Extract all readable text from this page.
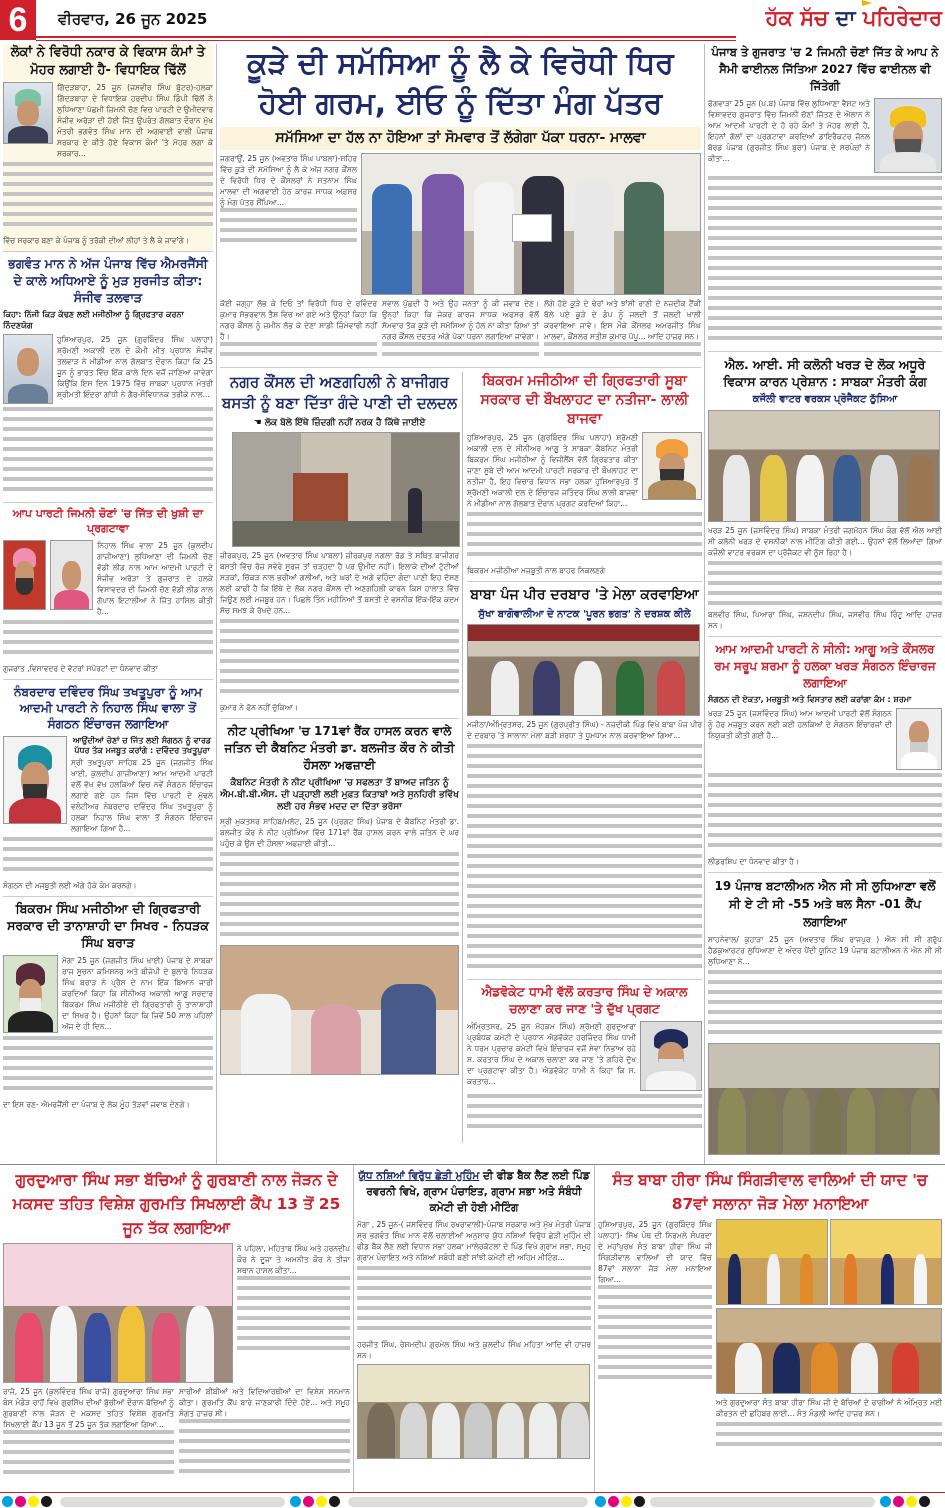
6	ਵੀਰਵਾਰ, 26 ਜੂਨ 2025	ਹੱਕ ਸੱਚ ਦਾ ਪਹਿਰੇਦਾਰ
ਲੋਕਾਂ ਨੇ ਵਿਰੋਧੀ ਨਕਾਰ ਕੇ ਵਿਕਾਸ ਕੰਮਾਂ ਤੇ ਮੋਹਰ ਲਗਾਈ ਹੈ- ਵਿਧਾਇਕ ਢਿੱਲੋਂ

ਗਿੱਦੜਬਾਹਾ, 25 ਜੂਨ (ਜਸਵੀਰ ਸਿੰਘ ਬੁੱਟਰ)-ਹਲਕਾ ਗਿੱਦੜਬਾਹਾ ਦੇ ਵਿਧਾਇਕ ਹਰਦੀਪ ਸਿੰਘ ਡਿੰਪੀ ਢਿੱਲੋਂ ਨੇ ਲੁਧਿਆਣਾ ਪੱਛਮੀ ਜ਼ਿਮਨੀ ਚੋਣ ਵਿਚ ਪਾਰਟੀ ਦੇ ਉਮੀਦਵਾਰ ਸੰਜੀਵ ਅਰੋੜਾ ਦੀ ਹੋਈ ਜਿੱਤ ਉਪਰੰਤ ਗੱਲਬਾਤ ਦੌਰਾਨ ਮੁੱਖ ਮੰਤਰੀ ਭਗਵੰਤ ਸਿੰਘ ਮਾਨ ਦੀ ਅਗਵਾਈ ਵਾਲੀ ਪੰਜਾਬ ਸਰਕਾਰ ਦੇ ਕੀਤੇ ਹੋਏ ਵਿਕਾਸ ਕੰਮਾਂ 'ਤੇ ਮੋਹਰ ਲਗਾ ਕੇ ਸਰਕਾਰ...

ਵਿੱਚ ਸਰਕਾਰ ਬਣਾ ਕੇ ਪੰਜਾਬ ਨੂੰ ਤਰੱਕੀ ਦੀਆਂ ਲੀਹਾਂ ਤੇ ਲੈ ਕੇ ਜਾਵਾਂਗੇ।

ਭਗਵੰਤ ਮਾਨ ਨੇ ਅੱਜ ਪੰਜਾਬ ਵਿੱਚ ਐਮਰਜੈਂਸੀ ਦੇ ਕਾਲੇ ਅਧਿਆਏ ਨੂੰ ਮੁੜ ਸੁਰਜੀਤ ਕੀਤਾ: ਸੰਜੀਵ ਤਲਵਾੜ
ਕਿਹਾ: ਨਿੱਜੀ ਕਿੜ ਕੱਢਣ ਲਈ ਮਜੀਠੀਆ ਨੂੰ ਗ੍ਰਿਫਤਾਰ ਕਰਨਾ ਨਿੰਦਣਯੋਗ

ਹੁਸ਼ਿਆਰਪੁਰ, 25 ਜੂਨ (ਗੁਰਬਿੰਦਰ ਸਿੰਘ ਪਲਾਹਾ) ਸ਼੍ਰੋਮਣੀ ਅਕਾਲੀ ਦਲ ਦੇ ਕੌਮੀ ਮੀਤ ਪ੍ਰਧਾਨ ਸੰਜੀਵ ਤਲਵਾੜ ਨੇ ਮੀਡੀਆ ਨਾਲ ਗੱਲਬਾਤ ਦੌਰਾਨ ਕਿਹਾ ਕਿ 25 ਜੂਨ ਨੂੰ ਭਾਰਤ ਵਿੱਚ ਇੱਕ ਕਾਲੇ ਦਿਨ ਵਜੋਂ ਜਾਣਿਆ ਜਾਵੇਗਾ ਕਿਉਂਕਿ ਇਸ ਦਿਨ 1975 ਵਿੱਚ ਸਾਬਕਾ ਪ੍ਰਧਾਨ ਮੰਤਰੀ ਸ਼੍ਰੀਮਤੀ ਇੰਦਰਾ ਗਾਂਧੀ ਨੇ ਗੈਰ-ਸੰਵਿਧਾਨਕ ਤਰੀਕੇ ਨਾਲ...

ਆਪ ਪਾਰਟੀ ਜਿਮਨੀ ਚੋਣਾਂ 'ਚ ਜਿੱਤ ਦੀ ਖੁਸ਼ੀ ਦਾ ਪ੍ਰਗਟਾਵਾ

ਨਿਹਾਲ ਸਿੰਘ ਵਾਲਾ 25 ਜੂਨ (ਕੁਲਦੀਪ ਗਾਜ਼ੀਆਣਾ) ਲੁਧਿਆਣਾ ਦੀ ਜਿਮਨੀ ਚੋਣ ਵੱਡੀ ਲੀਡ ਨਾਲ ਆਮ ਆਦਮੀ ਪਾਰਟੀ ਦੇ ਸੰਜੀਵ ਅਰੋੜਾ ਤੇ ਗੁਜਰਾਤ ਦੇ ਹਲਕੇ ਵਿਸਾਵਦਰ ਦੀ ਜਿਮਨੀ ਚੋਣ ਵੱਡੀ ਲੀਡ ਨਾਲ ਗੋਪਾਲ ਇਟਾਲੀਆ ਨੇ ਜਿੱਤ ਹਾਸਿਲ ਕੀਤੀ ਹੈ...

ਗੁਜਰਾਤ ,ਵਿਸਾਵਦਰ ਦੇ ਵੋਟਰਾਂ ਸਪੋਰਟਾਂ ਦਾ ਧੰਨਵਾਦ ਕੀਤਾ

ਨੰਬਰਦਾਰ ਦਵਿੰਦਰ ਸਿੰਘ ਤਖਤੂਪੁਰਾ ਨੂੰ ਆਮ ਆਦਮੀ ਪਾਰਟੀ ਨੇ ਨਿਹਾਲ ਸਿੰਘ ਵਾਲਾ ਤੋਂ ਸੰਗਠਨ ਇੰਚਾਰਜ ਲਗਾਇਆ
ਆਉਂਦੀਆਂ ਚੋਣਾਂ ਚ ਜਿੱਤ ਲਈ ਸੰਗਠਨ ਨੂੰ ਵਾਰਡ ਪੱਧਰ ਤੱਕ ਮਜਬੂਤ ਕਰਾਂਗੇ : ਦਵਿੰਦਰ ਤਖਤੂਪੁਰਾ

ਸ੍ਰੀ ਤਖਤੂਪੁਰਾ ਸਾਹਿਬ 25 ਜੂਨ (ਜਗਜੀਤ ਸਿੰਘ ਖਾਈ, ਕੁਲਦੀਪ ਗਾਜ਼ੀਆਣਾ) ਆਮ ਆਦਮੀ ਪਾਰਟੀ ਵਲੋਂ ਵੱਖ ਵੱਖ ਹਲਕਿਆਂ ਵਿਚ ਨਵੇਂ ਸੰਗਠਨ ਇੰਚਾਰਜ ਲਗਾਏ ਗਏ ਹਨ ਜਿਸ ਵਿੱਚ ਪਾਰਟੀ ਦੇ ਮੁੱਢਲੇ ਵਲੰਟੀਅਰ ਨੰਬਰਦਾਰ ਦਵਿੰਦਰ ਸਿੰਘ ਤਖਤੂਪੁਰਾ ਨੂੰ ਹਲਕਾ ਨਿਹਾਲ ਸਿੰਘ ਵਾਲਾ ਤੋਂ ਸੰਗਠਨ ਇੰਚਾਰਜ ਲਗਾਇਆ ਗਿਆ ਹੈ...

ਸੰਗਠਨ ਦੀ ਮਜਬੂਤੀ ਲਈ ਅੱਗੇ ਹੋਕੇ ਕੰਮ ਕਰਨਗੇ।

ਬਿਕਰਮ ਸਿੰਘ ਮਜੀਠੀਆ ਦੀ ਗ੍ਰਿਫਤਾਰੀ ਸਰਕਾਰ ਦੀ ਤਾਨਾਸ਼ਾਹੀ ਦਾ ਸਿਖਰ - ਨਿਧੜਕ ਸਿੰਘ ਬਰਾੜ

ਮੋਗਾ 25 ਜੂਨ (ਜਗਜੀਤ ਸਿੰਘ ਖਾਈ) ਪੰਜਾਬ ਦੇ ਸਾਬਕਾ ਰਾਜ ਸੂਚਨਾ ਕਮਿਸ਼ਨਰ ਅਤੇ ਬੀਜੇਪੀ ਦੇ ਬੁਲਾਰੇ ਨਿਧੜਕ ਸਿੰਘ ਬਰਾੜ ਨੇ ਪ੍ਰੈਸ ਦੇ ਨਾਮ ਇੱਕ ਬਿਆਨ ਜਾਰੀ ਕਰਦਿਆਂ ਕਿਹਾ ਕਿ ਸੀਨੀਅਰ ਅਕਾਲੀ ਆਗੂ ਸਰਦਾਰ ਬਿਕਰਮ ਸਿੰਘ ਮਜੀਠੀਏ ਦੀ ਗ੍ਰਿਫਤਾਰੀ ਨੂੰ ਤਾਨਾਸ਼ਾਹੀ ਦਾ ਸਿਖਰ ਹੈ। ਉਹਨਾਂ ਕਿਹਾ ਕਿ ਜਿਵੇਂ 50 ਸਾਲ ਪਹਿਲਾਂ ਅੱਜ ਦੇ ਹੀ ਦਿਨ...

ਦਾ ਇਸ ਰਣ- ਐਮਰਜੈਂਸੀ ਦਾ ਪੰਜਾਬ ਦੇ ਲੋਕ ਮੂੰਹ ਤੋੜਵਾਂ ਜਵਾਬ ਦੇਣਗੇ।

ਕੂੜੇ ਦੀ ਸਮੱਸਿਆ ਨੂੰ ਲੈ ਕੇ ਵਿਰੋਧੀ ਧਿਰ ਹੋਈ ਗਰਮ, ਈਓ ਨੂੰ ਦਿੱਤਾ ਮੰਗ ਪੱਤਰ
ਸਮੱਸਿਆ ਦਾ ਹੱਲ ਨਾ ਹੋਇਆ ਤਾਂ ਸੋਮਵਾਰ ਤੋਂ ਲੱਗੇਗਾ ਪੱਕਾ ਧਰਨਾ- ਮਾਲਵਾ

ਜਗਰਾਉਂ, 25 ਜੂਨ (ਅਵਤਾਰ ਸਿੰਘ ਪਾਬਲਾ)-ਸ਼ਹਿਰ ਵਿੱਚ ਕੂੜੇ ਦੀ ਸਮੱਸਿਆ ਨੂੰ ਲੈ ਕੇ ਅੱਜ ਨਗਰ ਕੌਂਸਲ ਦੇ ਵਿਰੋਧੀ ਧਿਰ ਦੇ ਕੌਂਸਲਰਾਂ ਨੇ ਸਤਨਾਮ ਸਿੰਘ ਮਾਲਵਾ ਦੀ ਅਗਵਾਈ ਹੇਠ ਕਾਰਜ ਸਾਧਕ ਅਫ਼ਸਰ ਨੂੰ ਮੰਗ ਪੱਤਰ ਸੌਂਪਿਆ...

ਕੋਈ ਜਗ੍ਹਾ ਲੱਭ ਕੇ ਦਿਓ ਤਾਂ ਵਿਰੋਧੀ ਧਿਰ ਦੇ ਰਵਿੰਦਰ ਕੁਮਾਰ ਸੱਭਰਵਾਲ ਤੈਸ਼ ਵਿਚ ਆ ਗਏ ਅਤੇ ਉਨ੍ਹਾਂ ਕਿਹਾ ਕਿ ਨਗਰ ਕੌਂਸਲ ਨੂੰ ਜ਼ਮੀਨ ਲੱਭ ਕੇ ਦੇਣਾ ਸਾਡੀ ਜ਼ਿੰਮੇਵਾਰੀ ਨਹੀਂ ਹੈ।

ਸਵਾਲ ਪੁੱਛਦੀ ਹੈ ਅਤੇ ਉਹ ਜਨਤਾ ਨੂੰ ਕੀ ਜਵਾਬ ਦੇਣ। ਉਨ੍ਹਾਂ ਕਿਹਾ ਕਿ ਜੇਕਰ ਕਾਰਜ ਸਾਧਕ ਅਫਸਰ ਵੱਲੋਂ ਸੋਮਵਾਰ ਤੱਕ ਕੂੜੇ ਦੀ ਸਮੱਸਿਆ ਨੂੰ ਹੱਲ ਨਾ ਕੀਤਾ ਗਿਆ ਤਾਂ ਨਗਰ ਕੌਂਸਲ ਦਫਤਰ ਅੱਗੇ ਪੱਕਾ ਧਰਨਾ ਲਗਾਇਆ ਜਾਵੇਗਾ।

ਲੱਗੇ ਹੋਏ ਕੂੜੇ ਦੇ ਢੇਰਾਂ ਅਤੇ ਝਾਂਸੀ ਰਾਣੀ ਦੇ ਨਜ਼ਦੀਕ ਟੈਂਕੀ ਥੱਲੇ ਪਏ ਕੂੜੇ ਦੇ ਡੰਪ ਨੂੰ ਜਲਦੀ ਤੋਂ ਜਲਦੀ ਖਾਲੀ ਕਰਵਾਇਆ ਜਾਵੇ। ਇਸ ਮੌਕੇ ਕੌਂਸਲਰ ਅਮਰਜੀਤ ਸਿੰਘ ਮਾਲਵਾ, ਕੌਂਸਲਰ ਸਤੀਸ਼ ਕੁਮਾਰ ਪੱਪੂ... ਆਦਿ ਹਾਜ਼ਰ ਸਨ।

ਨਗਰ ਕੌਂਸਲ ਦੀ ਅਣਗਹਿਲੀ ਨੇ ਬਾਜੀਗਰ ਬਸਤੀ ਨੂੰ ਬਣਾ ਦਿੱਤਾ ਗੰਦੇ ਪਾਣੀ ਦੀ ਦਲਦਲ
☚ ਲੋਕ ਬੋਲੇ ਇੱਥੇ ਜ਼ਿੰਦਗੀ ਨਹੀਂ ਨਰਕ ਹੈ ਕਿੱਥੇ ਜਾਈਏ

ਜ਼ੀਰਕਪੁਰ, 25 ਜੂਨ (ਅਵਤਾਰ ਸਿੰਘ ਪਾਬਲਾ) ਜ਼ੀਰਕਪੁਰ ਨਗਲਾ ਰੋਡ ਤੇ ਸਥਿਤ ਬਾਜੀਗਰ ਬਸਤੀ ਵਿੱਚ ਰੋਜ਼ ਸਵੇਰੇ ਸੂਰਜ ਤਾਂ ਚੜ੍ਹਦਾ ਹੈ ਪਰ ਉਮੀਦ ਨਹੀਂ। ਇਲਾਕੇ ਦੀਆਂ ਟੁੱਟੀਆਂ ਸੜਕਾਂ, ਚਿੱਕੜ ਨਾਲ ਭਰੀਆਂ ਗਲੀਆਂ, ਅਤੇ ਘਰਾਂ ਦੇ ਅਗੇ ਵਹਿੰਦਾ ਗੰਦਾ ਪਾਣੀ ਇਹ ਦੱਸਣ ਲਈ ਕਾਫੀ ਹੈ ਕਿ ਇੱਥੇ ਦੇ ਲੋਕ ਨਗਰ ਕੌਂਸਲ ਦੀ ਅਣਗਹਿਲੀ ਕਾਰਨ ਕਿਸ ਹਾਲਾਤ ਵਿੱਚ ਜਿਊਣ ਲਈ ਮਜਬੂਰ ਹਨ। ਪਿਛਲੇ ਤਿੰਨ ਮਹੀਨਿਆਂ ਤੋਂ ਬਸਤੀ ਦੇ ਵਸਨੀਕ ਇੱਕ-ਇੱਕ ਕਦਮ ਸੋਚ ਸਮਝ ਕੇ ਰੱਖਦੇ ਹਨ...

ਕੁਮਾਰ ਨੇ ਫੋਨ ਨਹੀਂ ਚੁੱਕਿਆ।

ਨੀਟ ਪ੍ਰੀਖਿਆ 'ਚ 171ਵਾਂ ਰੈਂਕ ਹਾਸਲ ਕਰਨ ਵਾਲੇ ਜਤਿਨ ਦੀ ਕੈਬਨਿਟ ਮੰਤਰੀ ਡਾ. ਬਲਜੀਤ ਕੌਰ ਨੇ ਕੀਤੀ ਹੌਸਲਾ ਅਫਜ਼ਾਈ
ਕੈਬਨਿਟ ਮੰਤਰੀ ਨੇ ਨੀਟ ਪ੍ਰੀਖਿਆ 'ਚ ਸਫਲਤਾ ਤੋਂ ਬਾਅਦ ਜਤਿਨ ਨੂੰ ਐਮ.ਬੀ.ਬੀ.ਐਸ. ਦੀ ਪੜ੍ਹਾਈ ਲਈ ਮੁਫ਼ਤ ਕਿਤਾਬਾਂ ਅਤੇ ਸੁਨਹਿਰੀ ਭਵਿੱਖ ਲਈ ਹਰ ਸੰਭਵ ਮਦਦ ਦਾ ਦਿੱਤਾ ਭਰੋਸਾ

ਸ੍ਰੀ ਮੁਕਤਸਰ ਸਾਹਿਬ/ਮਲੋਟ, 25 ਜੂਨ (ਪ੍ਰਗਟ ਸਿੰਘ) ਪੰਜਾਬ ਦੇ ਕੈਬਨਿਟ ਮੰਤਰੀ ਡਾ. ਬਲਜੀਤ ਕੌਰ ਨੇ ਨੀਟ ਪ੍ਰੀਖਿਆ ਵਿੱਚ 171ਵਾਂ ਰੈਂਕ ਹਾਸਲ ਕਰਨ ਵਾਲੇ ਜਤਿਨ ਦੇ ਘਰ ਪਹੁੰਚ ਕੇ ਉਸ ਦੀ ਹੌਸਲਾ ਅਫਜ਼ਾਈ ਕੀਤੀ...

ਬਿਕਰਮ ਮਜੀਠੀਆ ਦੀ ਗ੍ਰਿਫਤਾਰੀ ਸੂਬਾ ਸਰਕਾਰ ਦੀ ਬੌਖਲਾਹਟ ਦਾ ਨਤੀਜਾ- ਲਾਲੀ ਬਾਜਵਾ

ਹੁਸ਼ਿਆਰਪੁਰ, 25 ਜੂਨ (ਗੁਰਬਿੰਦਰ ਸਿੰਘ ਪਲਾਹਾ) ਸ਼੍ਰੋਮਣੀ ਅਕਾਲੀ ਦਲ ਦੇ ਸੀਨੀਅਰ ਆਗੂ ਤੇ ਸਾਬਕਾ ਕੈਬਨਿਟ ਮੰਤਰੀ ਬਿਕਰਮ ਸਿੰਘ ਮਜੀਠੀਆ ਨੂੰ ਵਿਜੀਲੈਂਸ ਵੱਲੋਂ ਗ੍ਰਿਫਤਾਰ ਕੀਤਾ ਜਾਣਾ ਸੂਬੇ ਦੀ ਆਮ ਆਦਮੀ ਪਾਰਟੀ ਸਰਕਾਰ ਦੀ ਬੌਖਲਾਹਟ ਦਾ ਨਤੀਜਾ ਹੈ, ਇਹ ਵਿਚਾਰ ਵਿਧਾਨ ਸਭਾ ਹਲਕਾ ਹੁਸ਼ਿਆਰਪੁਰ ਤੋਂ ਸ਼੍ਰੋਮਣੀ ਅਕਾਲੀ ਦਲ ਦੇ ਇੰਚਾਰਜ ਜਤਿੰਦਰ ਸਿੰਘ ਲਾਲੀ ਬਾਜਵਾ ਨੇ ਮੀਡੀਆ ਨਾਲ ਗੱਲਬਾਤ ਦੌਰਾਨ ਪ੍ਰਗਟ ਕਰਦਿਆਂ ਕਿਹਾ...

ਬਿਕਰਮ ਮਜੀਠੀਆ ਮਜ਼ਬੂਤੀ ਨਾਲ ਬਾਹਰ ਨਿਕਲਣਗੇ

ਬਾਬਾ ਪੰਜ ਪੀਰ ਦਰਬਾਰ 'ਤੇ ਮੇਲਾ ਕਰਵਾਇਆ
ਸੁੱਖਾ ਬਾਗੋਵਾਲੀਆ ਦੇ ਨਾਟਕ 'ਪੂਰਨ ਭਗਤ' ਨੇ ਦਰਸ਼ਕ ਕੀਲੇ

ਮਜੀਠਾ/ਅੰਮ੍ਰਿਤਸਰ, 25 ਜੂਨ (ਗੁਰਪ੍ਰੀਤ ਸਿੰਘ) - ਨਜ਼ਦੀਕੀ ਪਿੰਡ ਵਿਖੇ ਬਾਬਾ ਪੰਜ ਪੀਰ ਦੇ ਦਰਬਾਰ 'ਤੇ ਸਾਲਾਨਾ ਮੇਲਾ ਬੜੀ ਸ਼ਰਧਾ ਤੇ ਧੂਮਧਾਮ ਨਾਲ ਕਰਵਾਇਆ ਗਿਆ...

ਐਡਵੋਕੇਟ ਧਾਮੀ ਵੱਲੋਂ ਕਰਤਾਰ ਸਿੰਘ ਦੇ ਅਕਾਲ ਚਲਾਣਾ ਕਰ ਜਾਣ 'ਤੇ ਦੁੱਖ ਪ੍ਰਗਟ

ਅੰਮ੍ਰਿਤਸਰ, 25 ਜੂਨ ਮੋਹਕਮ ਸਿੰਘ) ਸ਼੍ਰੋਮਣੀ ਗੁਰਦੁਆਰਾ ਪ੍ਰਬੰਧਕ ਕਮੇਟੀ ਦੇ ਪ੍ਰਧਾਨ ਐਡਵੋਕੇਟ ਹਰਜਿੰਦਰ ਸਿੰਘ ਧਾਮੀ ਨੇ ਧਰਮ ਪ੍ਰਚਾਰ ਕਮੇਟੀ ਵਿਖੇ ਇੰਚਾਰਜ ਵਜੋਂ ਸੇਵਾ ਨਿਭਾਅ ਰਹੇ ਸ. ਕਰਤਾਰ ਸਿੰਘ ਦੇ ਅਕਾਲ ਚਲਾਣਾ ਕਰ ਜਾਣ 'ਤੇ ਗਹਿਰੇ ਦੁੱਖ ਦਾ ਪ੍ਰਗਟਾਵਾ ਕੀਤਾ ਹੈ। ਐਡਵੋਕੇਟ ਧਾਮੀ ਨੇ ਕਿਹਾ ਕਿ ਸ. ਕਰਤਾਰ...

ਪੰਜਾਬ ਤੇ ਗੁਜਰਾਤ 'ਚ 2 ਜਿਮਨੀ ਚੋਣਾਂ ਜਿੱਤ ਕੇ ਆਪ ਨੇ ਸੈਮੀ ਫਾਈਨਲ ਜਿੱਤਿਆ 2027 ਵਿੱਚ ਫਾਈਨਲ ਵੀ ਜਿੱਤੇਗੀ

ਫੱਗਵਾੜਾ 25 ਜੂਨ (ਪ.ਬ) ਪੰਜਾਬ ਵਿੱਚ ਲੁਧਿਆਣਾ ਵੈਸਟ ਅਤੇ ਵਿਸਾਵਦਰ ਗੁਜਰਾਤ ਵਿੱਚ ਜਿਮਨੀ ਚੋਣਾਂ ਜਿੱਤਣ ਦੇ ਐਲਾਨ ਨੇ ਆਮ ਆਦਮੀ ਪਾਰਟੀ ਦੇ ਹੋ ਰਹੇ ਕੰਮਾਂ ਤੇ ਮੋਹਰ ਲਾਈ ਹੈ, ਇਹਨਾਂ ਗੱਲਾਂ ਦਾ ਪ੍ਰਗਟਾਵਾ ਕਰਦਿਆਂ ਡਾਇਰੈਕਟਰ ਜ਼ੋਨਲ ਬੋਰਡ ਪੰਜਾਬ (ਗੁਰਜੀਤ ਸਿੰਘ ਬੁਰਾ) ਪੰਜਾਬ ਦੇ ਸਰਪੰਚਾਂ ਨੇ ਕੀਤਾ...

ਐਲ. ਆਈ. ਸੀ ਕਲੋਨੀ ਖਰੜ ਦੇ ਲੋਕ ਅਧੂਰੇ ਵਿਕਾਸ ਕਾਰਨ ਪ੍ਰੇਸ਼ਾਨ : ਸਾਬਕਾ ਮੰਤਰੀ ਕੰਗ
ਕਜੌਲੀ ਵਾਟਰ ਵਰਕਸ ਪ੍ਰੋਜੈਕਟ ਠੁੱਸਿਆ

ਖਰੜ 25 ਜੂਨ (ਜਸਵਿੰਦਰ ਸਿੰਘ) ਸਾਬਕਾ ਮੰਤਰੀ ਜਗਮੋਹਨ ਸਿੰਘ ਕੰਗ ਵੱਲੋਂ ਐਲ ਆਈ ਸੀ ਕਲੋਨੀ ਖਰੜ ਦੇ ਵਸਨੀਕਾਂ ਨਾਲ ਮੀਟਿੰਗ ਕੀਤੀ ਗਈ... ਉਹਨਾਂ ਵੱਲੋਂ ਲਿਆਂਦਾ ਗਿਆ ਕਜੌਲੀ ਵਾਟਰ ਵਰਕਸ ਦਾ ਪ੍ਰੋਜੈਕਟ ਵੀ ਠੁੱਸ ਰਿਹਾ ਹੈ।

ਬਲਵੀਰ ਸਿੰਘ, ਪਿਆਰਾ ਸਿੰਘ, ਜਸ਼ਨਦੀਪ ਸਿੰਘ, ਜਸਵੀਰ ਸਿੰਘ ਰਿੰਟੂ ਆਦਿ ਹਾਜ਼ਰ ਸਨ।

ਆਮ ਆਦਮੀ ਪਾਰਟੀ ਨੇ ਸੀਨੀ: ਆਗੂ ਅਤੇ ਕੌਂਸਲਰ ਰਮ ਸਰੂਪ ਸ਼ਰਮਾ ਨੂੰ ਹਲਕਾ ਖਰੜ ਸੰਗਠਨ ਇੰਚਾਰਜ ਲਗਾਇਆ
ਸੰਗਠਨ ਦੀ ਏਕਤਾ, ਮਜ਼ਬੂਤੀ ਅਤੇ ਵਿਸਤਾਰ ਲਈ ਕਰਾਂਗਾ ਕੰਮ : ਸ਼ਰਮਾ

ਖਰੜ 25 ਜੂਨ (ਜਸਵਿੰਦਰ ਸਿੰਘ) ਆਮ ਆਦਮੀ ਪਾਰਟੀ ਵੱਲੋਂ ਸੰਗਠਨ ਨੂੰ ਹੋਰ ਮਜ਼ਬੂਤ ਕਰਨ ਲਈ ਕਈ ਹਲਕਿਆਂ ਦੇ ਸੰਗਠਨ ਇੰਚਾਰਜਾਂ ਦੀ ਨਿਯੁਕਤੀ ਕੀਤੀ ਗਈ ਹੈ...

ਲੀਡਰਸ਼ਿਪ ਦਾ ਧੰਨਵਾਦ ਕੀਤਾ ਹੈ।

19 ਪੰਜਾਬ ਬਟਾਲੀਅਨ ਐਨ ਸੀ ਸੀ ਲੁਧਿਆਣਾ ਵਲੋਂ ਸੀ ਏ ਟੀ ਸੀ -55 ਅਤੇ ਥਲ ਸੈਨਾ -01 ਕੈਂਪ ਲਗਾਇਆ

ਸਾਹਨੇਵਾਲ/ ਕੁਹਾੜਾ 25 ਜੂਨ (ਅਵਤਾਰ ਸਿੰਘ ਰਾਜਪੁਰ ) ਐਨ ਸੀ ਸੀ ਗਰੁੱਪ ਹੈਡਕੁਆਰਟਰ ਲੁਧਿਆਣਾ ਦੇ ਅੰਦਰ ਪੈਂਦੀ ਯੂਨਿਟ 19 ਪੰਜਾਬ ਬਟਾਲੀਅਨ ਨੇ ਐਨ ਸੀ ਸੀ ਲੁਧਿਆਣਾ ਨੇ...

ਗੁਰਦੁਆਰਾ ਸਿੰਘ ਸਭਾ ਬੱਚਿਆਂ ਨੂੰ ਗੁਰਬਾਣੀ ਨਾਲ ਜੋੜਨ ਦੇ ਮਕਸਦ ਤਹਿਤ ਵਿਸ਼ੇਸ਼ ਗੁਰਮਤਿ ਸਿਖਲਾਈ ਕੈਂਪ 13 ਤੋਂ 25 ਜੂਨ ਤੱਕ ਲਗਾਇਆ

ਨੇ ਪਹਿਲਾ, ਮਹਿਤਾਬ ਸਿੰਘ ਅਤੇ ਹਰਨਦੀਪ ਕੌਰ ਨੇ ਦੂਜਾ ਤੇ ਅਮਨੀਤ ਕੌਰ ਨੇ ਤੀਜਾ ਸਥਾਨ ਹਾਸਲ ਕੀਤਾ...

ਰਾਜੋ, 25 ਜੂਨ (ਕੁਲਵਿੰਦਰ ਸਿੰਘ ਰਾਜੋ) ਗੁਰਦੁਆਰਾ ਸਿੰਘ ਸਭਾ ਬੰਸ ਮੰਡੌੜ ਰਾਹੋਂ ਵਿਖੇ ਗੁਰਸਿੱਖ ਦੀਆਂ ਬੁੱਚੀਆਂ ਦੌਰਾਨ ਬੱਚਿਆਂ ਨੂੰ ਗੁਰਬਾਣੀ ਨਾਲ ਜੋੜਨ ਦੇ ਮਕਸਦ ਤਹਿਤ ਵਿਸ਼ੇਸ਼ ਗੁਰਮਤਿ ਸਿਖਲਾਈ ਕੈਂਪ 13 ਜੂਨ ਤੋਂ 25 ਜੂਨ ਤੱਕ ਲਗਾਇਆ ਗਿਆ...

ਸਾਰੀਆਂ ਬੀਬੀਆਂ ਅਤੇ ਵਿਦਿਆਰਥੀਆਂ ਦਾ ਵਿਸ਼ੇਸ਼ ਸਨਮਾਨ ਕੀਤਾ। ਗੁਰਮਤਿ ਕੈਂਪ ਬਾਰੇ ਜਾਣਕਾਰੀ ਦਿੰਦੇ ਹੋਏ... ਅਤੇ ਸਮੂਹ ਸੰਗਤ ਹਾਜ਼ਰ ਸੀ।

ਯੁੱਧ ਨਸ਼ਿਆਂ ਵਿਰੁੱਧ ਛੇੜੀ ਮੁਹਿੰਮ ਦੀ ਫੀਡ ਬੈਕ ਲੈਣ ਲਈ ਪਿੰਡ ਰਵਰਨੀ ਵਿਖੇ, ਗ੍ਰਾਮ ਪੰਚਾਇਤ, ਗ੍ਰਾਮ ਸਭਾ ਅਤੇ ਸੰਬੰਧੀ ਕਮੇਟੀ ਦੀ ਹੋਈ ਮੀਟਿੰਗ

ਮੋਗਾ , 25 ਜੂਨ-( ਜਸਵਿੰਦਰ ਸਿੰਘ ਰਖਰਾਵਾਲੀ)-ਪੰਜਾਬ ਸਰਕਾਰ ਅਤੇ ਮੁੱਖ ਮੰਤਰੀ ਪੰਜਾਬ ਸ੍ਰ ਭਗਵੰਤ ਸਿੰਘ ਮਾਨ ਵੱਲੋਂ ਚਲਾਈਆਂ ਅਨੁਸਾਰ ਯੁੱਧ ਨਸ਼ਿਆਂ ਵਿਰੁੱਧ ਛੇੜੀ ਮੁਹਿੰਮ ਦੀ ਫੀਡ ਬੈਕ ਲੈਣ ਲਈ ਵਿਧਾਨ ਸਭਾ ਹਲਕਾ ਮਾਲੇਰਕੋਟਲਾ ਦੇ ਪਿੰਡ ਵਿਖੇ ਗ੍ਰਾਮ ਸਭਾ, ਸਮੂਹ ਗ੍ਰਾਮ ਪੰਚਾਇਤ ਅਤੇ ਨਸ਼ਿਆਂ ਸਬੰਧੀ ਬਣੀ ਸਾਂਝੀ ਕਮੇਟੀ ਦੀ ਅਹਿਮ ਮੀਟਿੰਗ...

ਹਰਜੀਤ ਸਿੰਘ, ਰੇਸ਼ਮਦੀਪ ਗੁਰਮੇਲ ਸਿੰਘ ਅਤੇ ਕੁਲਦੀਪ ਸਿੰਘ ਮਹਿਤਾ ਆਦਿ ਵੀ ਹਾਜ਼ਰ ਸਨ।

ਸੰਤ ਬਾਬਾ ਹੀਰਾ ਸਿੰਘ ਸਿੰਗੜੀਵਾਲ ਵਾਲਿਆਂ ਦੀ ਯਾਦ 'ਚ 87ਵਾਂ ਸਲਾਨਾ ਜੋੜ ਮੇਲਾ ਮਨਾਇਆ

ਹੁਸ਼ਿਆਰਪੁਰ, 25 ਜੂਨ (ਗੁਰਬਿੰਦਰ ਸਿੰਘ ਪਲਾਹਾ)- ਸਿੱਖ ਪੰਥ ਦੀ ਨਿਰਮਲੇ ਸੰਪਰਦਾ ਦੇ ਮਹਾਂਪੁਰਖ ਸੰਤ ਬਾਬਾ ਹੀਰਾ ਸਿੰਘ ਜੀ ਸਿੰਗੜੀਵਾਲ ਵਾਲਿਆਂ ਦੀ ਯਾਦ ਵਿੱਚ 87ਵਾਂ ਸਲਾਨਾ ਜੋੜ ਮੇਲਾ ਮਨਾਇਆ ਗਿਆ...

ਅਤੇ ਗੁਰਦੁਆਰਾ ਸੰਤ ਬਾਬਾ ਹੀਰਾ ਸਿੰਘ ਜੀ ਦੇ ਬੱਚਿਆਂ ਦੇ ਰਾਗੀਆਂ ਨੇ ਅੰਮ੍ਰਿਤ ਮਈ ਕੀਰਤਨ ਦੀ ਛਹਿਬਰ ਲਾਈ... ਸੰਤ ਮੰਡਲੀ ਆਦਿ ਹਾਜ਼ਰ ਸਨ।
